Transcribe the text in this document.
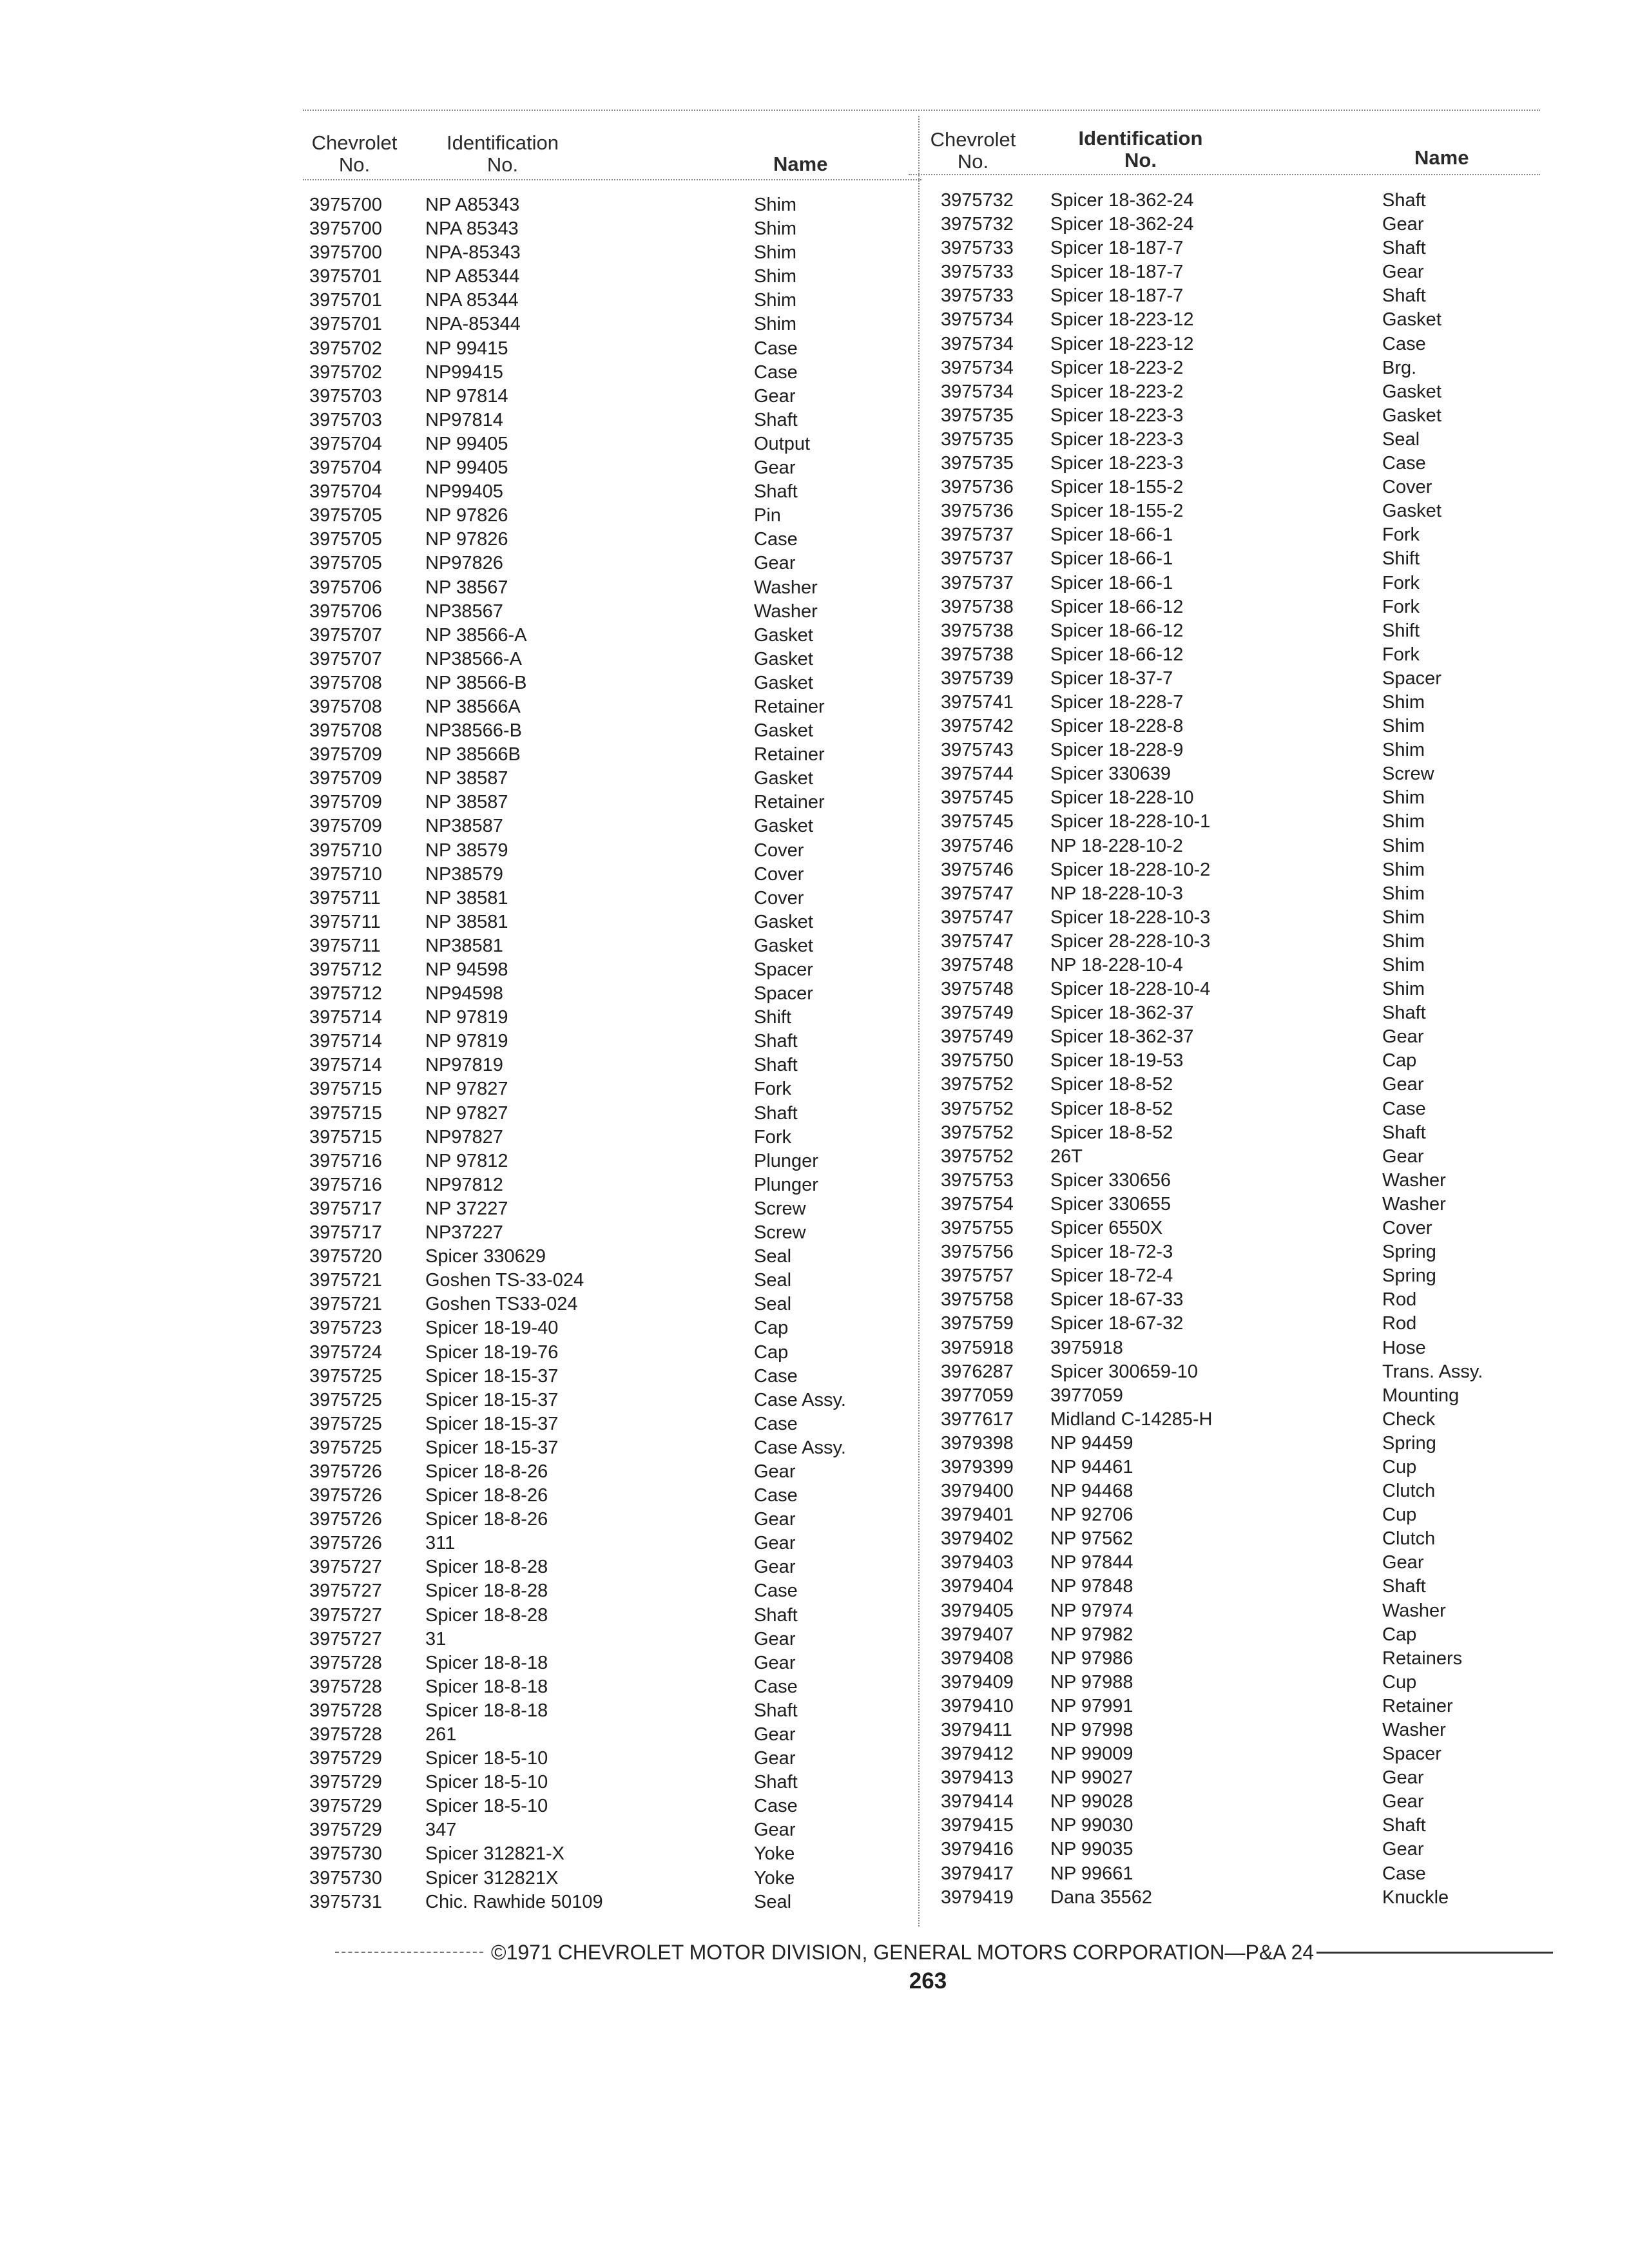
Chevrolet
No.
Identification
No.	Name
Chevrolet
No.
Identification
No.	Name
3975700 NP A85343	Shim
3975700 NPA 85343	Shim
3975700 NPA-85343	Shim
3975701 NP A85344	Shim
3975701 NPA 85344	Shim
3975701 NPA-85344	Shim
3975702 NP 99415	Case
3975702 NP99415	Case
3975703 NP 97814	Gear
3975703 NP97814	Shaft
3975704 NP 99405	Output
3975704 NP 99405	Gear
3975704 NP99405	Shaft
3975705 NP 97826	Pin
3975705 NP 97826	Case
3975705 NP97826	Gear
3975706 NP 38567	Washer
3975706 NP38567	Washer
3975707 NP 38566-A	Gasket
3975707 NP38566-A	Gasket
3975708 NP 38566-B	Gasket
3975708 NP 38566A	Retainer
3975708 NP38566-B	Gasket
3975709 NP 38566B	Retainer
3975709 NP 38587	Gasket
3975709 NP 38587	Retainer
3975709 NP38587	Gasket
3975710 NP 38579	Cover
3975710 NP38579	Cover
3975711 NP 38581	Cover
3975711 NP 38581	Gasket
3975711 NP38581	Gasket
3975712 NP 94598	Spacer
3975712 NP94598	Spacer
3975714 NP 97819	Shift
3975714 NP 97819	Shaft
3975714 NP97819	Shaft
3975715 NP 97827	Fork
3975715 NP 97827	Shaft
3975715 NP97827	Fork
3975716 NP 97812	Plunger
3975716 NP97812	Plunger
3975717 NP 37227	Screw
3975717 NP37227	Screw
3975720 Spicer 330629	Seal
3975721 Goshen TS-33-024	Seal
3975721 Goshen TS33-024	Seal
3975723 Spicer 18-19-40	Cap
3975724 Spicer 18-19-76	Cap
3975725 Spicer 18-15-37	Case
3975725 Spicer 18-15-37	Case Assy.
3975725 Spicer 18-15-37	Case
3975725 Spicer 18-15-37	Case Assy.
3975726 Spicer 18-8-26	Gear
3975726 Spicer 18-8-26	Case
3975726 Spicer 18-8-26	Gear
3975726 311	Gear
3975727 Spicer 18-8-28	Gear
3975727 Spicer 18-8-28	Case
3975727 Spicer 18-8-28	Shaft
3975727 31	Gear
3975728 Spicer 18-8-18	Gear
3975728 Spicer 18-8-18	Case
3975728 Spicer 18-8-18	Shaft
3975728 261	Gear
3975729 Spicer 18-5-10	Gear
3975729 Spicer 18-5-10	Shaft
3975729 Spicer 18-5-10	Case
3975729 347	Gear
3975730 Spicer 312821-X	Yoke
3975730 Spicer 312821X	Yoke
3975731 Chic. Rawhide 50109	Seal
3975732 Spicer 18-362-24	Shaft
3975732 Spicer 18-362-24	Gear
3975733 Spicer 18-187-7	Shaft
3975733 Spicer 18-187-7	Gear
3975733 Spicer 18-187-7	Shaft
3975734 Spicer 18-223-12	Gasket
3975734 Spicer 18-223-12	Case
3975734 Spicer 18-223-2	Brg.
3975734 Spicer 18-223-2	Gasket
3975735 Spicer 18-223-3	Gasket
3975735 Spicer 18-223-3	Seal
3975735 Spicer 18-223-3	Case
3975736 Spicer 18-155-2	Cover
3975736 Spicer 18-155-2	Gasket
3975737 Spicer 18-66-1	Fork
3975737 Spicer 18-66-1	Shift
3975737 Spicer 18-66-1	Fork
3975738 Spicer 18-66-12	Fork
3975738 Spicer 18-66-12	Shift
3975738 Spicer 18-66-12	Fork
3975739 Spicer 18-37-7	Spacer
3975741 Spicer 18-228-7	Shim
3975742 Spicer 18-228-8	Shim
3975743 Spicer 18-228-9	Shim
3975744 Spicer 330639	Screw
3975745 Spicer 18-228-10	Shim
3975745 Spicer 18-228-10-1	Shim
3975746 NP 18-228-10-2	Shim
3975746 Spicer 18-228-10-2	Shim
3975747 NP 18-228-10-3	Shim
3975747 Spicer 18-228-10-3	Shim
3975747 Spicer 28-228-10-3	Shim
3975748 NP 18-228-10-4	Shim
3975748 Spicer 18-228-10-4	Shim
3975749 Spicer 18-362-37	Shaft
3975749 Spicer 18-362-37	Gear
3975750 Spicer 18-19-53	Cap
3975752 Spicer 18-8-52	Gear
3975752 Spicer 18-8-52	Case
3975752 Spicer 18-8-52	Shaft
3975752 26T	Gear
3975753 Spicer 330656	Washer
3975754 Spicer 330655	Washer
3975755 Spicer 6550X	Cover
3975756 Spicer 18-72-3	Spring
3975757 Spicer 18-72-4	Spring
3975758 Spicer 18-67-33	Rod
3975759 Spicer 18-67-32	Rod
3975918 3975918	Hose
3976287 Spicer 300659-10	Trans. Assy.
3977059 3977059	Mounting
3977617 Midland C-14285-H	Check
3979398 NP 94459	Spring
3979399 NP 94461	Cup
3979400 NP 94468	Clutch
3979401 NP 92706	Cup
3979402 NP 97562	Clutch
3979403 NP 97844	Gear
3979404 NP 97848	Shaft
3979405 NP 97974	Washer
3979407 NP 97982	Cap
3979408 NP 97986	Retainers
3979409 NP 97988	Cup
3979410 NP 97991	Retainer
3979411 NP 97998	Washer
3979412 NP 99009	Spacer
3979413 NP 99027	Gear
3979414 NP 99028	Gear
3979415 NP 99030	Shaft
3979416 NP 99035	Gear
3979417 NP 99661	Case
3979419 Dana 35562	Knuckle
©1971 CHEVROLET MOTOR DIVISION, GENERAL MOTORS CORPORATION—P&A 24
263
